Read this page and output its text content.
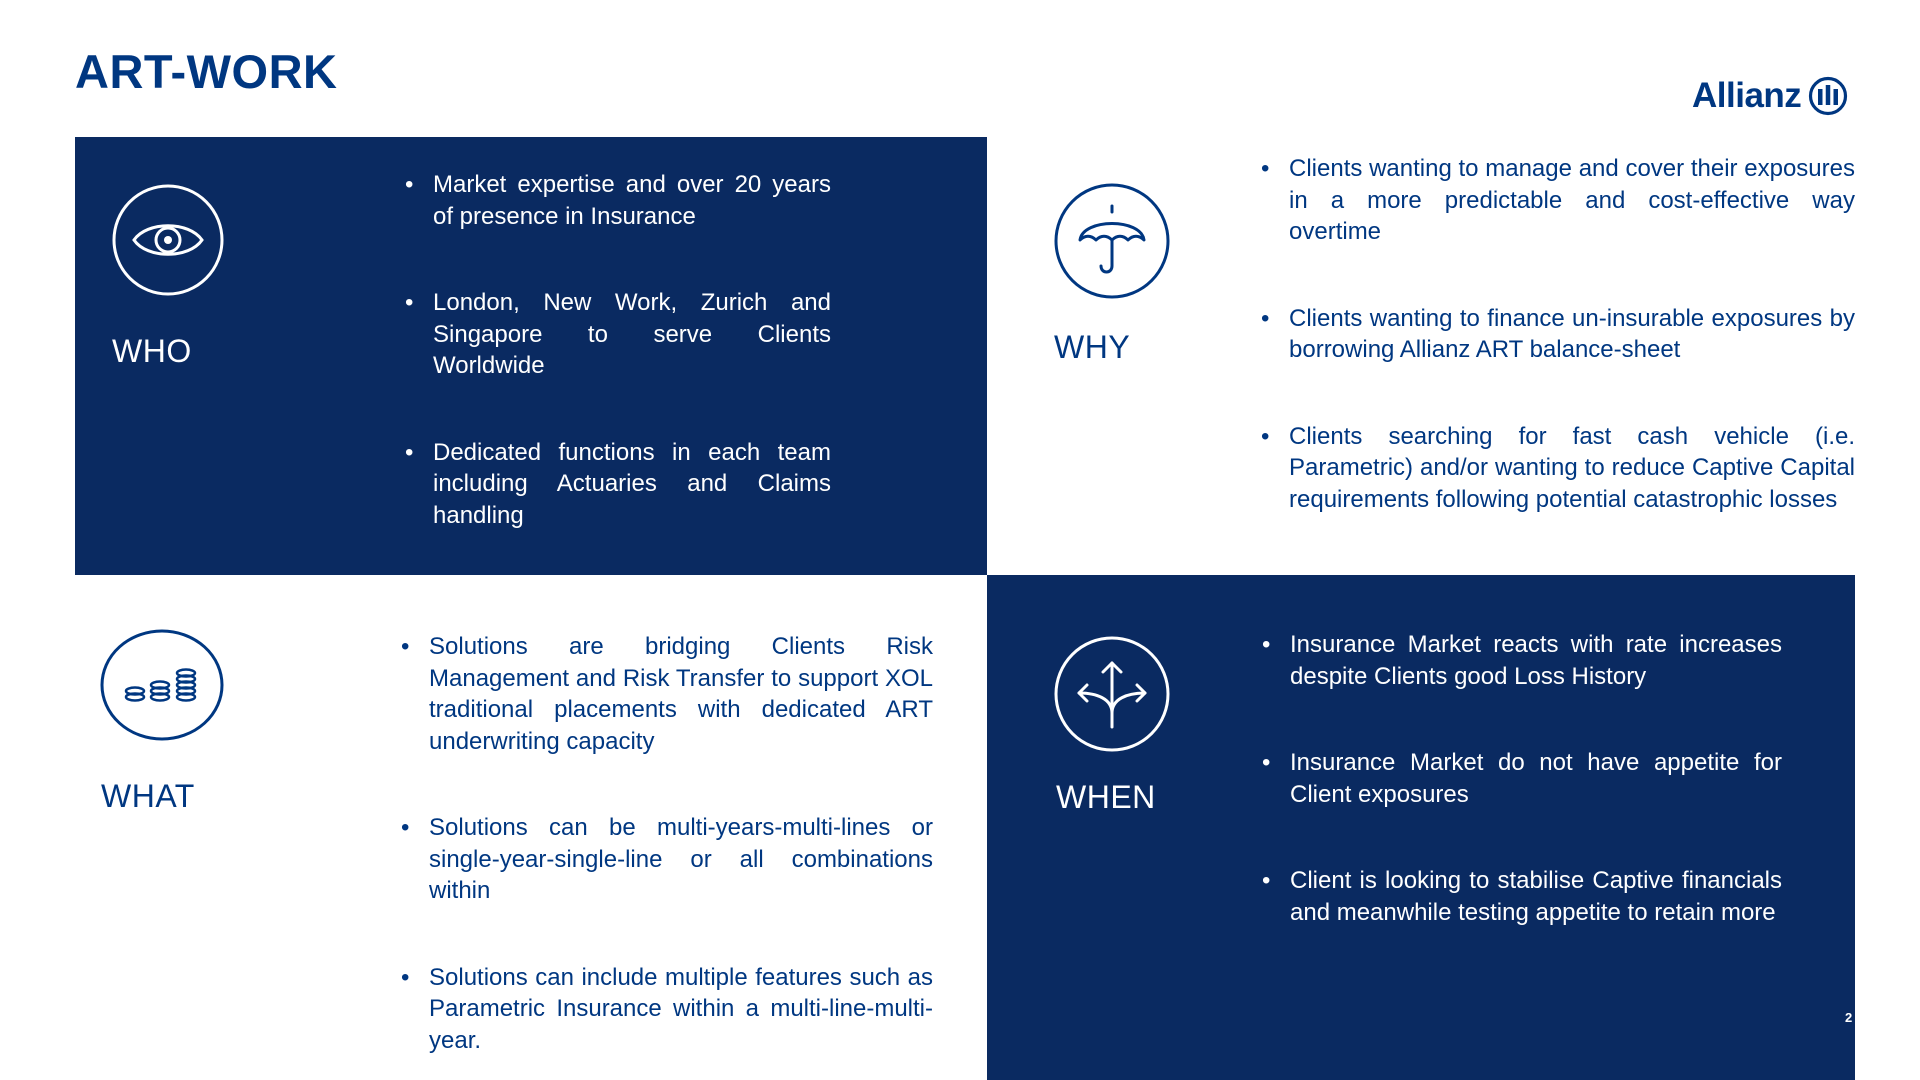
ART-WORK	Allianz
WHO
• Market expertise and over 20 years of presence in Insurance
• London, New Work, Zurich and Singapore to serve Clients Worldwide
• Dedicated functions in each team including Actuaries and Claims handling
WHY
• Clients wanting to manage and cover their exposures in a more predictable and cost-effective way overtime
• Clients wanting to finance un-insurable exposures by borrowing Allianz ART balance-sheet
• Clients searching for fast cash vehicle (i.e. Parametric) and/or wanting to reduce Captive Capital requirements following potential catastrophic losses
WHAT
• Solutions are bridging Clients Risk Management and Risk Transfer to support XOL traditional placements with dedicated ART underwriting capacity
• Solutions can be multi-years-multi-lines or single-year-single-line or all combinations within
• Solutions can include multiple features such as Parametric Insurance within a multi-line-multi-year.
WHEN
• Insurance Market reacts with rate increases despite Clients good Loss History
• Insurance Market do not have appetite for Client exposures
• Client is looking to stabilise Captive financials and meanwhile testing appetite to retain more
2
